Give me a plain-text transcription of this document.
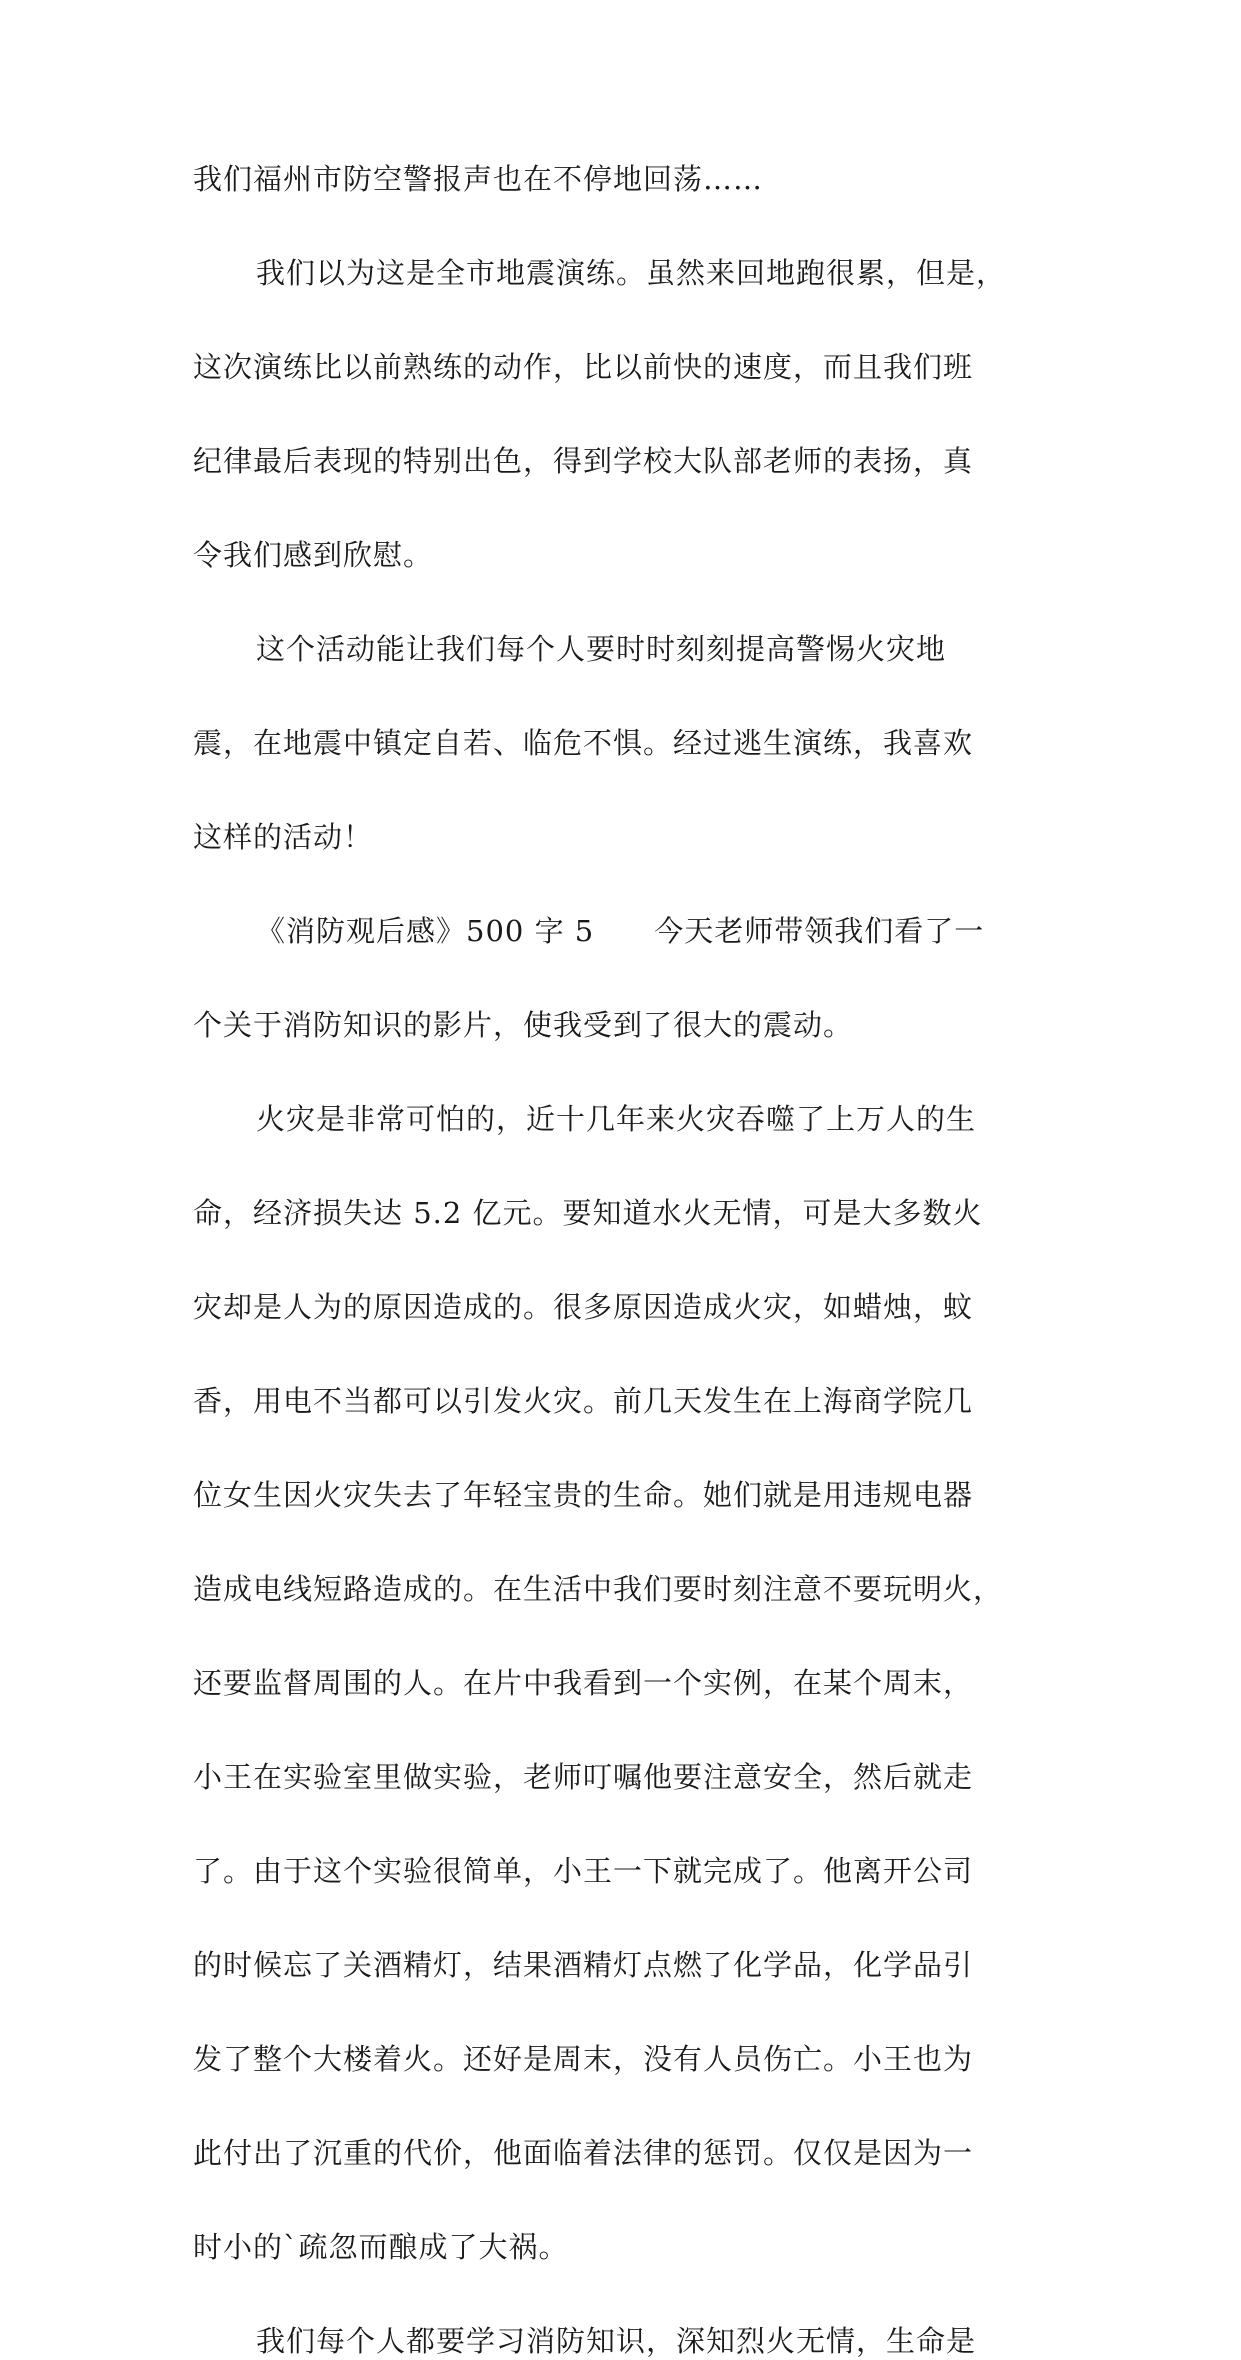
我们福州市防空警报声也在不停地回荡……
我们以为这是全市地震演练。虽然来回地跑很累，但是，
这次演练比以前熟练的动作，比以前快的速度，而且我们班
纪律最后表现的特别出色，得到学校大队部老师的表扬，真
令我们感到欣慰。
这个活动能让我们每个人要时时刻刻提高警惕火灾地
震，在地震中镇定自若、临危不惧。经过逃生演练，我喜欢
这样的活动！
《消防观后感》500 字 5　　今天老师带领我们看了一
个关于消防知识的影片，使我受到了很大的震动。
火灾是非常可怕的，近十几年来火灾吞噬了上万人的生
命，经济损失达 5.2 亿元。要知道水火无情，可是大多数火
灾却是人为的原因造成的。很多原因造成火灾，如蜡烛，蚊
香，用电不当都可以引发火灾。前几天发生在上海商学院几
位女生因火灾失去了年轻宝贵的生命。她们就是用违规电器
造成电线短路造成的。在生活中我们要时刻注意不要玩明火，
还要监督周围的人。在片中我看到一个实例，在某个周末，
小王在实验室里做实验，老师叮嘱他要注意安全，然后就走
了。由于这个实验很简单，小王一下就完成了。他离开公司
的时候忘了关酒精灯，结果酒精灯点燃了化学品，化学品引
发了整个大楼着火。还好是周末，没有人员伤亡。小王也为
此付出了沉重的代价，他面临着法律的惩罚。仅仅是因为一
时小的`疏忽而酿成了大祸。
我们每个人都要学习消防知识，深知烈火无情，生命是
